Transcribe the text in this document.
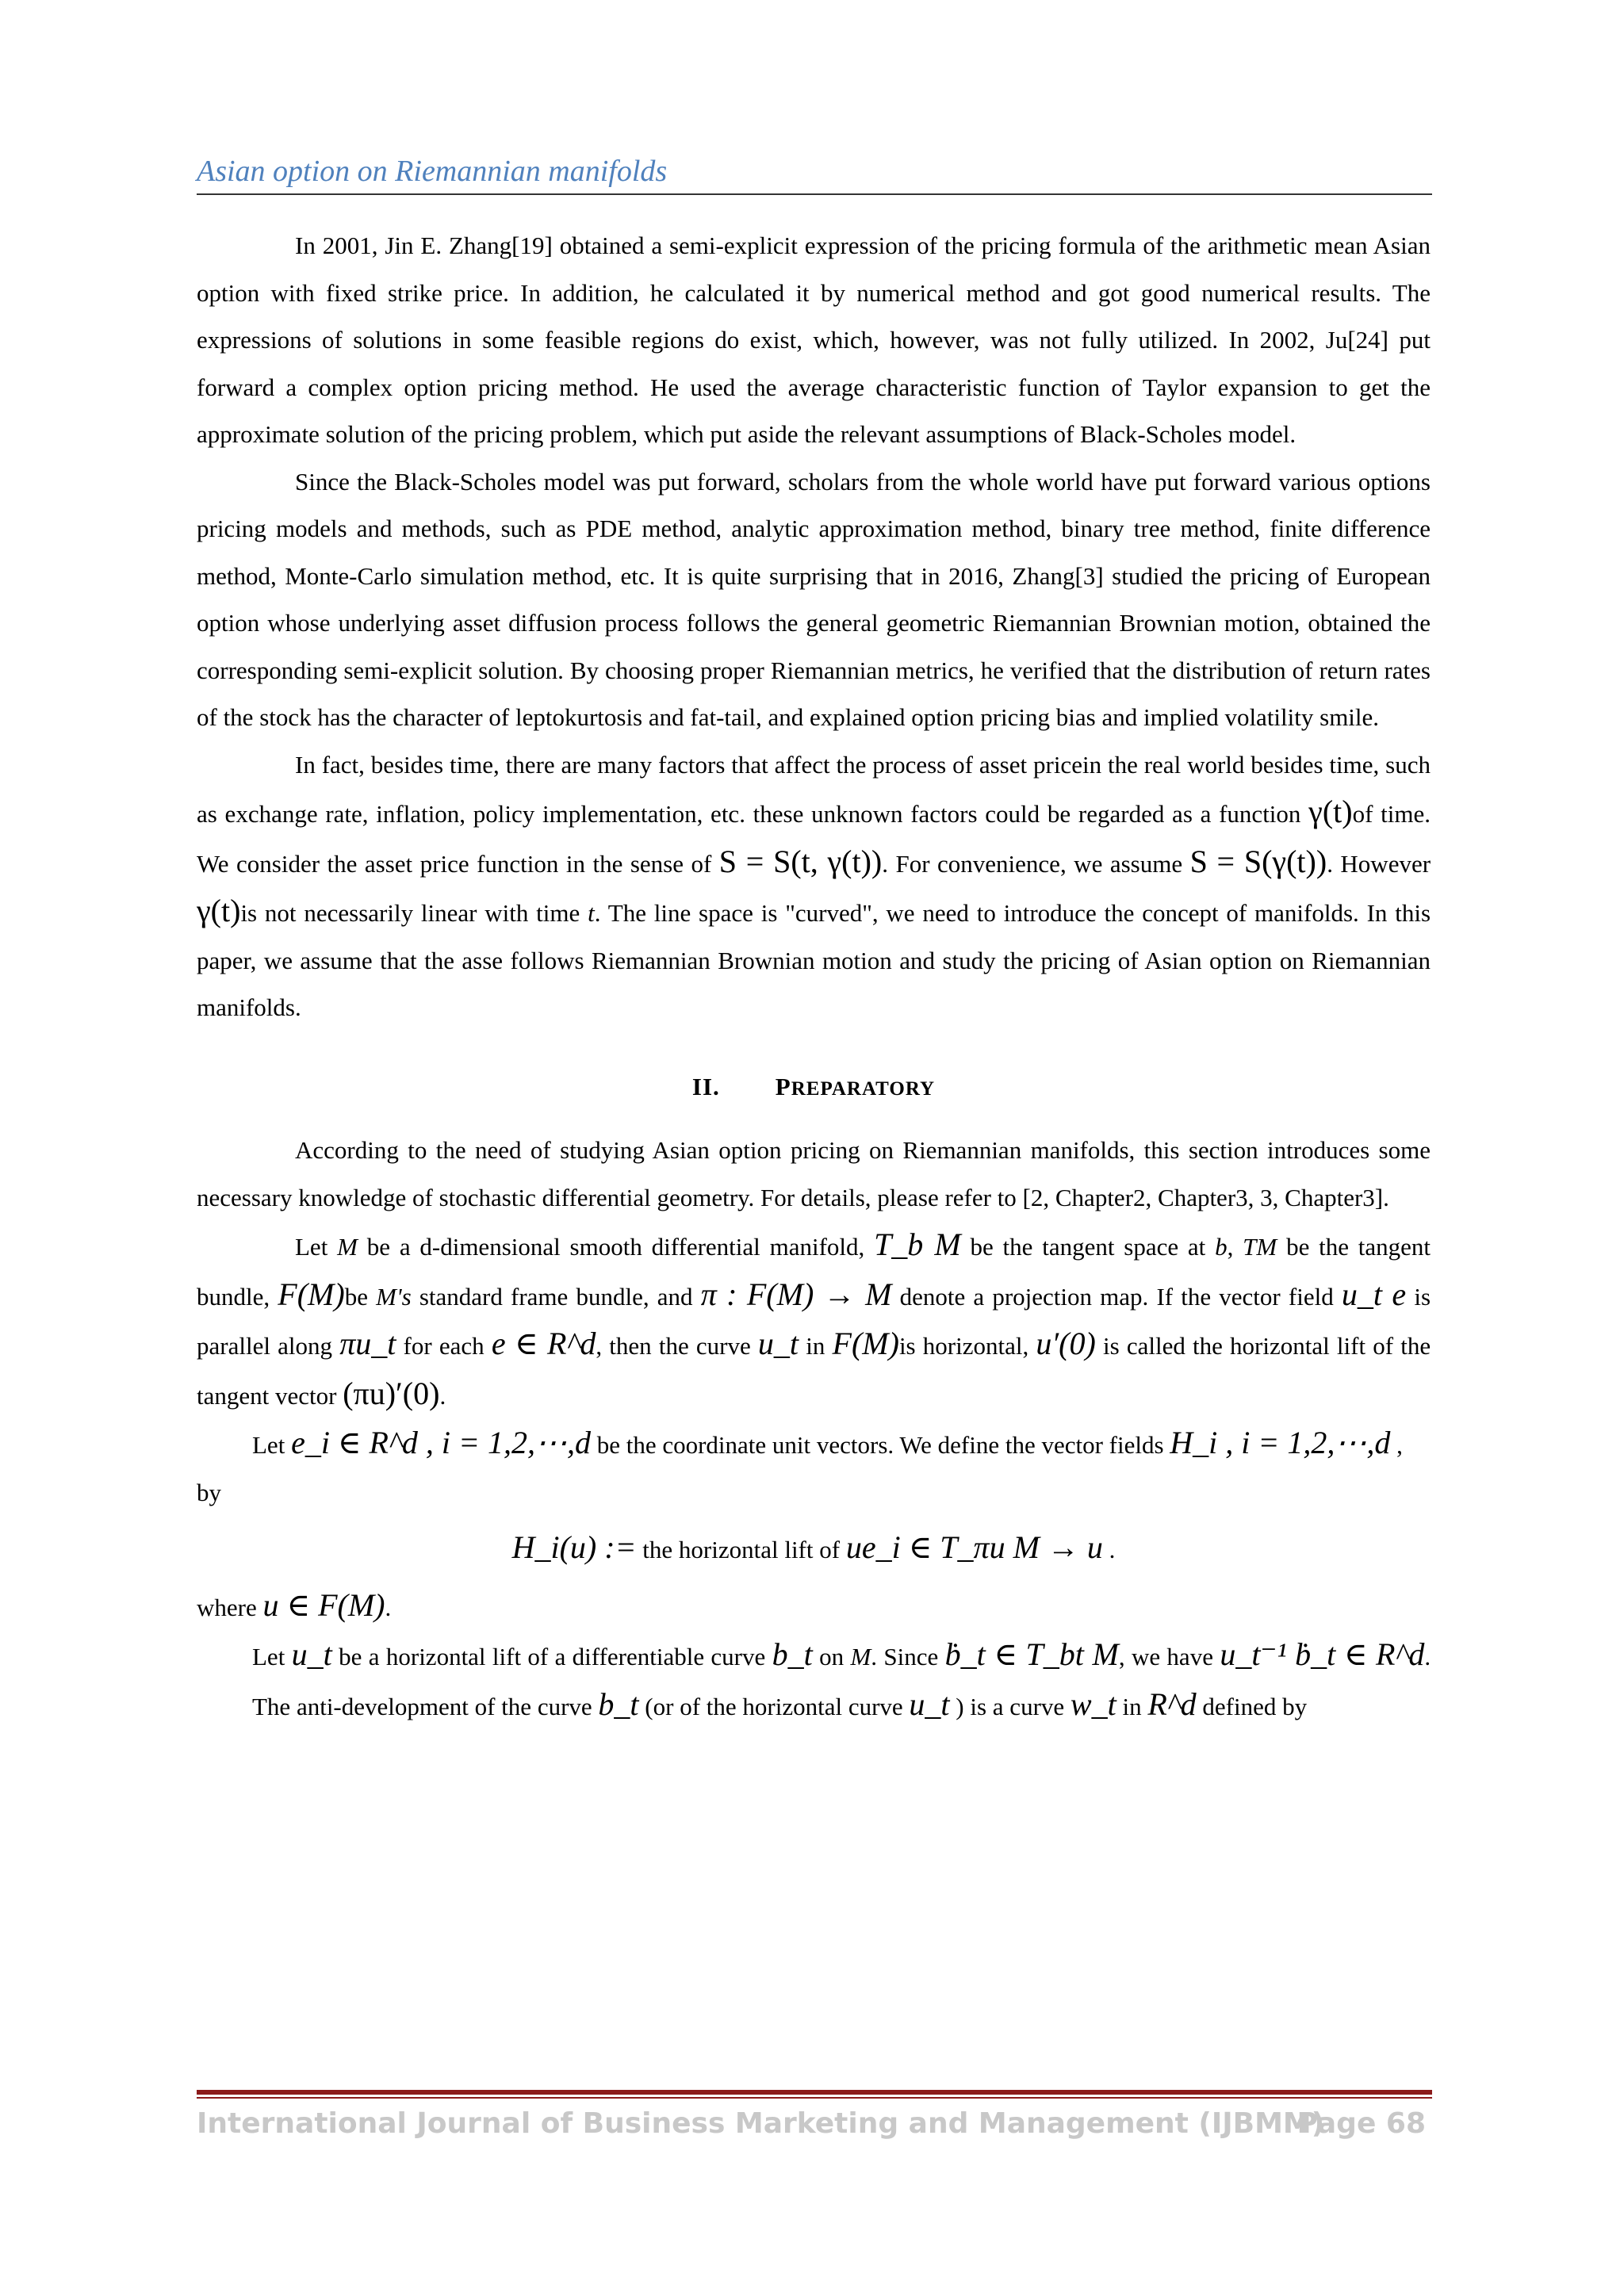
Asian option on Riemannian manifolds

In 2001, Jin E. Zhang[19] obtained a semi-explicit expression of the pricing formula of the arithmetic mean Asian option with fixed strike price. In addition, he calculated it by numerical method and got good numerical results. The expressions of solutions in some feasible regions do exist, which, however, was not fully utilized. In 2002, Ju[24] put forward a complex option pricing method. He used the average characteristic function of Taylor expansion to get the approximate solution of the pricing problem, which put aside the relevant assumptions of Black-Scholes model.

Since the Black-Scholes model was put forward, scholars from the whole world have put forward various options pricing models and methods, such as PDE method, analytic approximation method, binary tree method, finite difference method, Monte-Carlo simulation method, etc. It is quite surprising that in 2016, Zhang[3] studied the pricing of European option whose underlying asset diffusion process follows the general geometric Riemannian Brownian motion, obtained the corresponding semi-explicit solution. By choosing proper Riemannian metrics, he verified that the distribution of return rates of the stock has the character of leptokurtosis and fat-tail, and explained option pricing bias and implied volatility smile.

In fact, besides time, there are many factors that affect the process of asset pricein the real world besides time, such as exchange rate, inflation, policy implementation, etc. these unknown factors could be regarded as a function γ(t)of time. We consider the asset price function in the sense of S = S(t, γ(t)). For convenience, we assume S = S(γ(t)). However γ(t)is not necessarily linear with time t. The line space is "curved", we need to introduce the concept of manifolds. In this paper, we assume that the asse follows Riemannian Brownian motion and study the pricing of Asian option on Riemannian manifolds.

II. PREPARATORY

According to the need of studying Asian option pricing on Riemannian manifolds, this section introduces some necessary knowledge of stochastic differential geometry. For details, please refer to [2, Chapter2, Chapter3, 3, Chapter3].

Let M be a d-dimensional smooth differential manifold, T_b M be the tangent space at b, TM be the tangent bundle, F(M)be M's standard frame bundle, and π : F(M) → M denote a projection map. If the vector field u_t e is parallel along πu_t for each e ∈ R^d, then the curve u_t in F(M)is horizontal, u′(0) is called the horizontal lift of the tangent vector (πu)′(0).

Let e_i ∈ R^d , i = 1,2,⋯,d be the coordinate unit vectors. We define the vector fields H_i , i = 1,2,⋯,d ,

by

H_i(u) := the horizontal lift of ue_i ∈ T_πu M → u .

where u ∈ F(M).

Let u_t be a horizontal lift of a differentiable curve b_t on M. Since ḃ_t ∈ T_bt M, we have u_t⁻¹ ḃ_t ∈ R^d. The anti-development of the curve b_t (or of the horizontal curve u_t ) is a curve w_t in R^d defined by

International Journal of Business Marketing and Management (IJBMM)
Page 68
